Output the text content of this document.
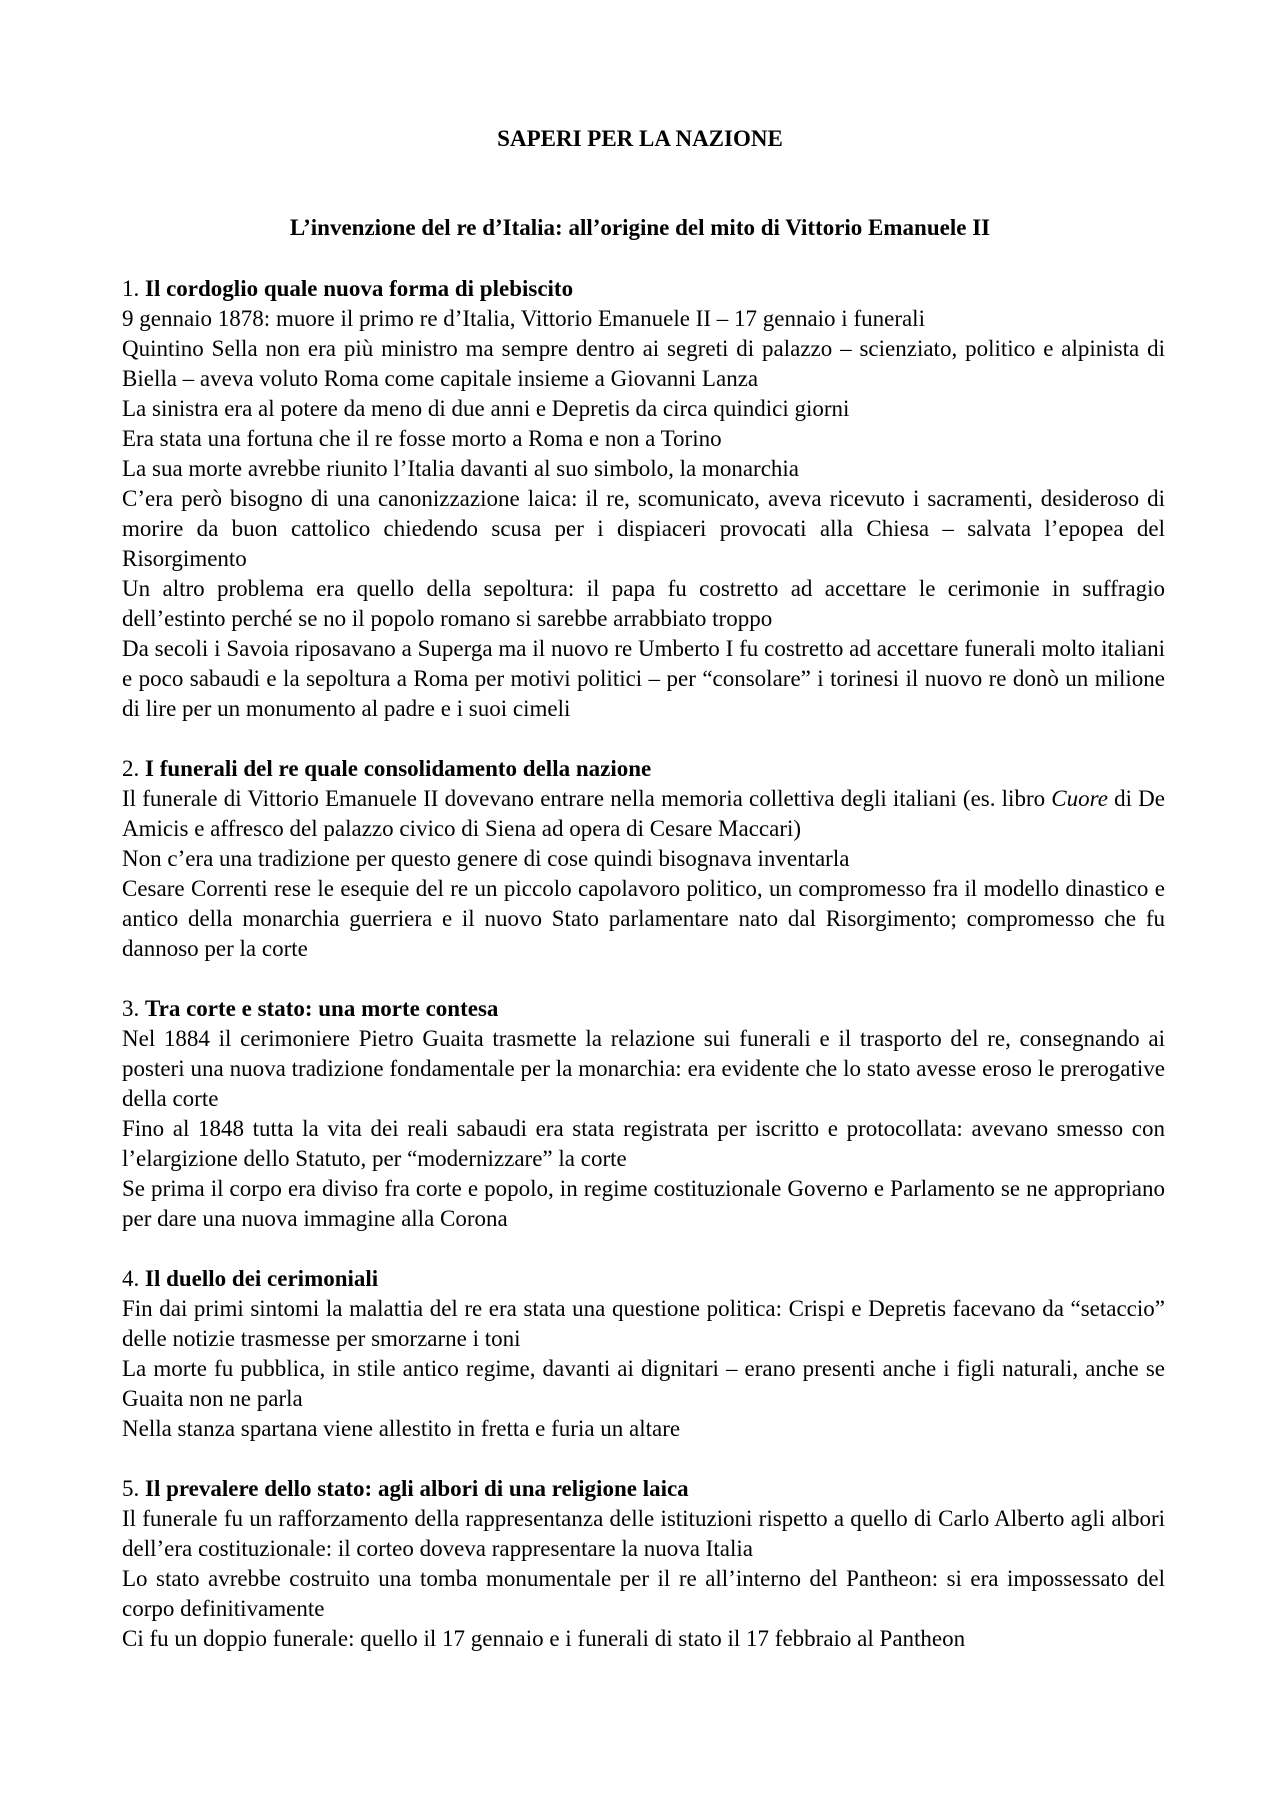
SAPERI PER LA NAZIONE
L’invenzione del re d’Italia: all’origine del mito di Vittorio Emanuele II

1. Il cordoglio quale nuova forma di plebiscito

9 gennaio 1878: muore il primo re d’Italia, Vittorio Emanuele II – 17 gennaio i funerali

Quintino Sella non era più ministro ma sempre dentro ai segreti di palazzo – scienziato, politico e alpinista di Biella – aveva voluto Roma come capitale insieme a Giovanni Lanza

La sinistra era al potere da meno di due anni e Depretis da circa quindici giorni

Era stata una fortuna che il re fosse morto a Roma e non a Torino

La sua morte avrebbe riunito l’Italia davanti al suo simbolo, la monarchia

C’era però bisogno di una canonizzazione laica: il re, scomunicato, aveva ricevuto i sacramenti, desideroso di morire da buon cattolico chiedendo scusa per i dispiaceri provocati alla Chiesa – salvata l’epopea del Risorgimento

Un altro problema era quello della sepoltura: il papa fu costretto ad accettare le cerimonie in suffragio dell’estinto perché se no il popolo romano si sarebbe arrabbiato troppo

Da secoli i Savoia riposavano a Superga ma il nuovo re Umberto I fu costretto ad accettare funerali molto italiani e poco sabaudi e la sepoltura a Roma per motivi politici – per “consolare” i torinesi il nuovo re donò un milione di lire per un monumento al padre e i suoi cimeli

2. I funerali del re quale consolidamento della nazione

Il funerale di Vittorio Emanuele II dovevano entrare nella memoria collettiva degli italiani (es. libro Cuore di De Amicis e affresco del palazzo civico di Siena ad opera di Cesare Maccari)

Non c’era una tradizione per questo genere di cose quindi bisognava inventarla

Cesare Correnti rese le esequie del re un piccolo capolavoro politico, un compromesso fra il modello dinastico e antico della monarchia guerriera e il nuovo Stato parlamentare nato dal Risorgimento; compromesso che fu dannoso per la corte

3. Tra corte e stato: una morte contesa

Nel 1884 il cerimoniere Pietro Guaita trasmette la relazione sui funerali e il trasporto del re, consegnando ai posteri una nuova tradizione fondamentale per la monarchia: era evidente che lo stato avesse eroso le prerogative della corte

Fino al 1848 tutta la vita dei reali sabaudi era stata registrata per iscritto e protocollata: avevano smesso con l’elargizione dello Statuto, per “modernizzare” la corte

Se prima il corpo era diviso fra corte e popolo, in regime costituzionale Governo e Parlamento se ne appropriano per dare una nuova immagine alla Corona

4. Il duello dei cerimoniali

Fin dai primi sintomi la malattia del re era stata una questione politica: Crispi e Depretis facevano da “setaccio” delle notizie trasmesse per smorzarne i toni

La morte fu pubblica, in stile antico regime, davanti ai dignitari – erano presenti anche i figli naturali, anche se Guaita non ne parla

Nella stanza spartana viene allestito in fretta e furia un altare

5. Il prevalere dello stato: agli albori di una religione laica

Il funerale fu un rafforzamento della rappresentanza delle istituzioni rispetto a quello di Carlo Alberto agli albori dell’era costituzionale: il corteo doveva rappresentare la nuova Italia

Lo stato avrebbe costruito una tomba monumentale per il re all’interno del Pantheon: si era impossessato del corpo definitivamente

Ci fu un doppio funerale: quello il 17 gennaio e i funerali di stato il 17 febbraio al Pantheon
